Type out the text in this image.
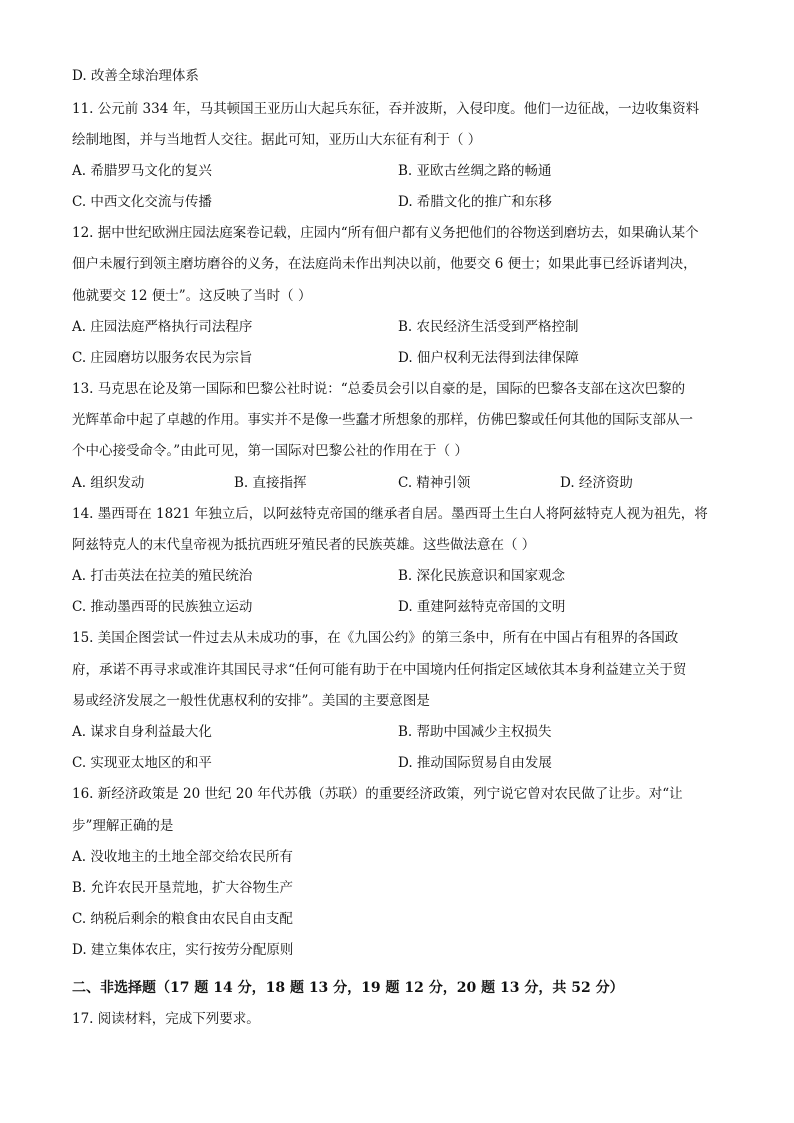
D. 改善全球治理体系
11. 公元前 334 年，马其顿国王亚历山大起兵东征，吞并波斯，入侵印度。他们一边征战，一边收集资料
绘制地图，并与当地哲人交往。据此可知，亚历山大东征有利于（ ）
A. 希腊罗马文化的复兴	B. 亚欧古丝绸之路的畅通
C. 中西文化交流与传播	D. 希腊文化的推广和东移
12. 据中世纪欧洲庄园法庭案卷记载，庄园内“所有佃户都有义务把他们的谷物送到磨坊去，如果确认某个
佃户未履行到领主磨坊磨谷的义务，在法庭尚未作出判决以前，他要交 6 便士；如果此事已经诉诸判决，
他就要交 12 便士”。这反映了当时（ ）
A. 庄园法庭严格执行司法程序	B. 农民经济生活受到严格控制
C. 庄园磨坊以服务农民为宗旨	D. 佃户权利无法得到法律保障
13. 马克思在论及第一国际和巴黎公社时说：“总委员会引以自豪的是，国际的巴黎各支部在这次巴黎的
光辉革命中起了卓越的作用。事实并不是像一些蠢才所想象的那样，仿佛巴黎或任何其他的国际支部从一
个中心接受命令。”由此可见，第一国际对巴黎公社的作用在于（ ）
A. 组织发动	B. 直接指挥	C. 精神引领	D. 经济资助
14. 墨西哥在 1821 年独立后，以阿兹特克帝国的继承者自居。墨西哥土生白人将阿兹特克人视为祖先，将
阿兹特克人的末代皇帝视为抵抗西班牙殖民者的民族英雄。这些做法意在（ ）
A. 打击英法在拉美的殖民统治	B. 深化民族意识和国家观念
C. 推动墨西哥的民族独立运动	D. 重建阿兹特克帝国的文明
15. 美国企图尝试一件过去从未成功的事，在《九国公约》的第三条中，所有在中国占有租界的各国政
府，承诺不再寻求或准许其国民寻求“任何可能有助于在中国境内任何指定区域依其本身利益建立关于贸
易或经济发展之一般性优惠权利的安排”。美国的主要意图是
A. 谋求自身利益最大化	B. 帮助中国减少主权损失
C. 实现亚太地区的和平	D. 推动国际贸易自由发展
16. 新经济政策是 20 世纪 20 年代苏俄（苏联）的重要经济政策，列宁说它曾对农民做了让步。对“让
步”理解正确的是
A. 没收地主的土地全部交给农民所有
B. 允许农民开垦荒地，扩大谷物生产
C. 纳税后剩余的粮食由农民自由支配
D. 建立集体农庄，实行按劳分配原则
二、非选择题（17 题 14 分，18 题 13 分，19 题 12 分，20 题 13 分，共 52 分）
17. 阅读材料，完成下列要求。
